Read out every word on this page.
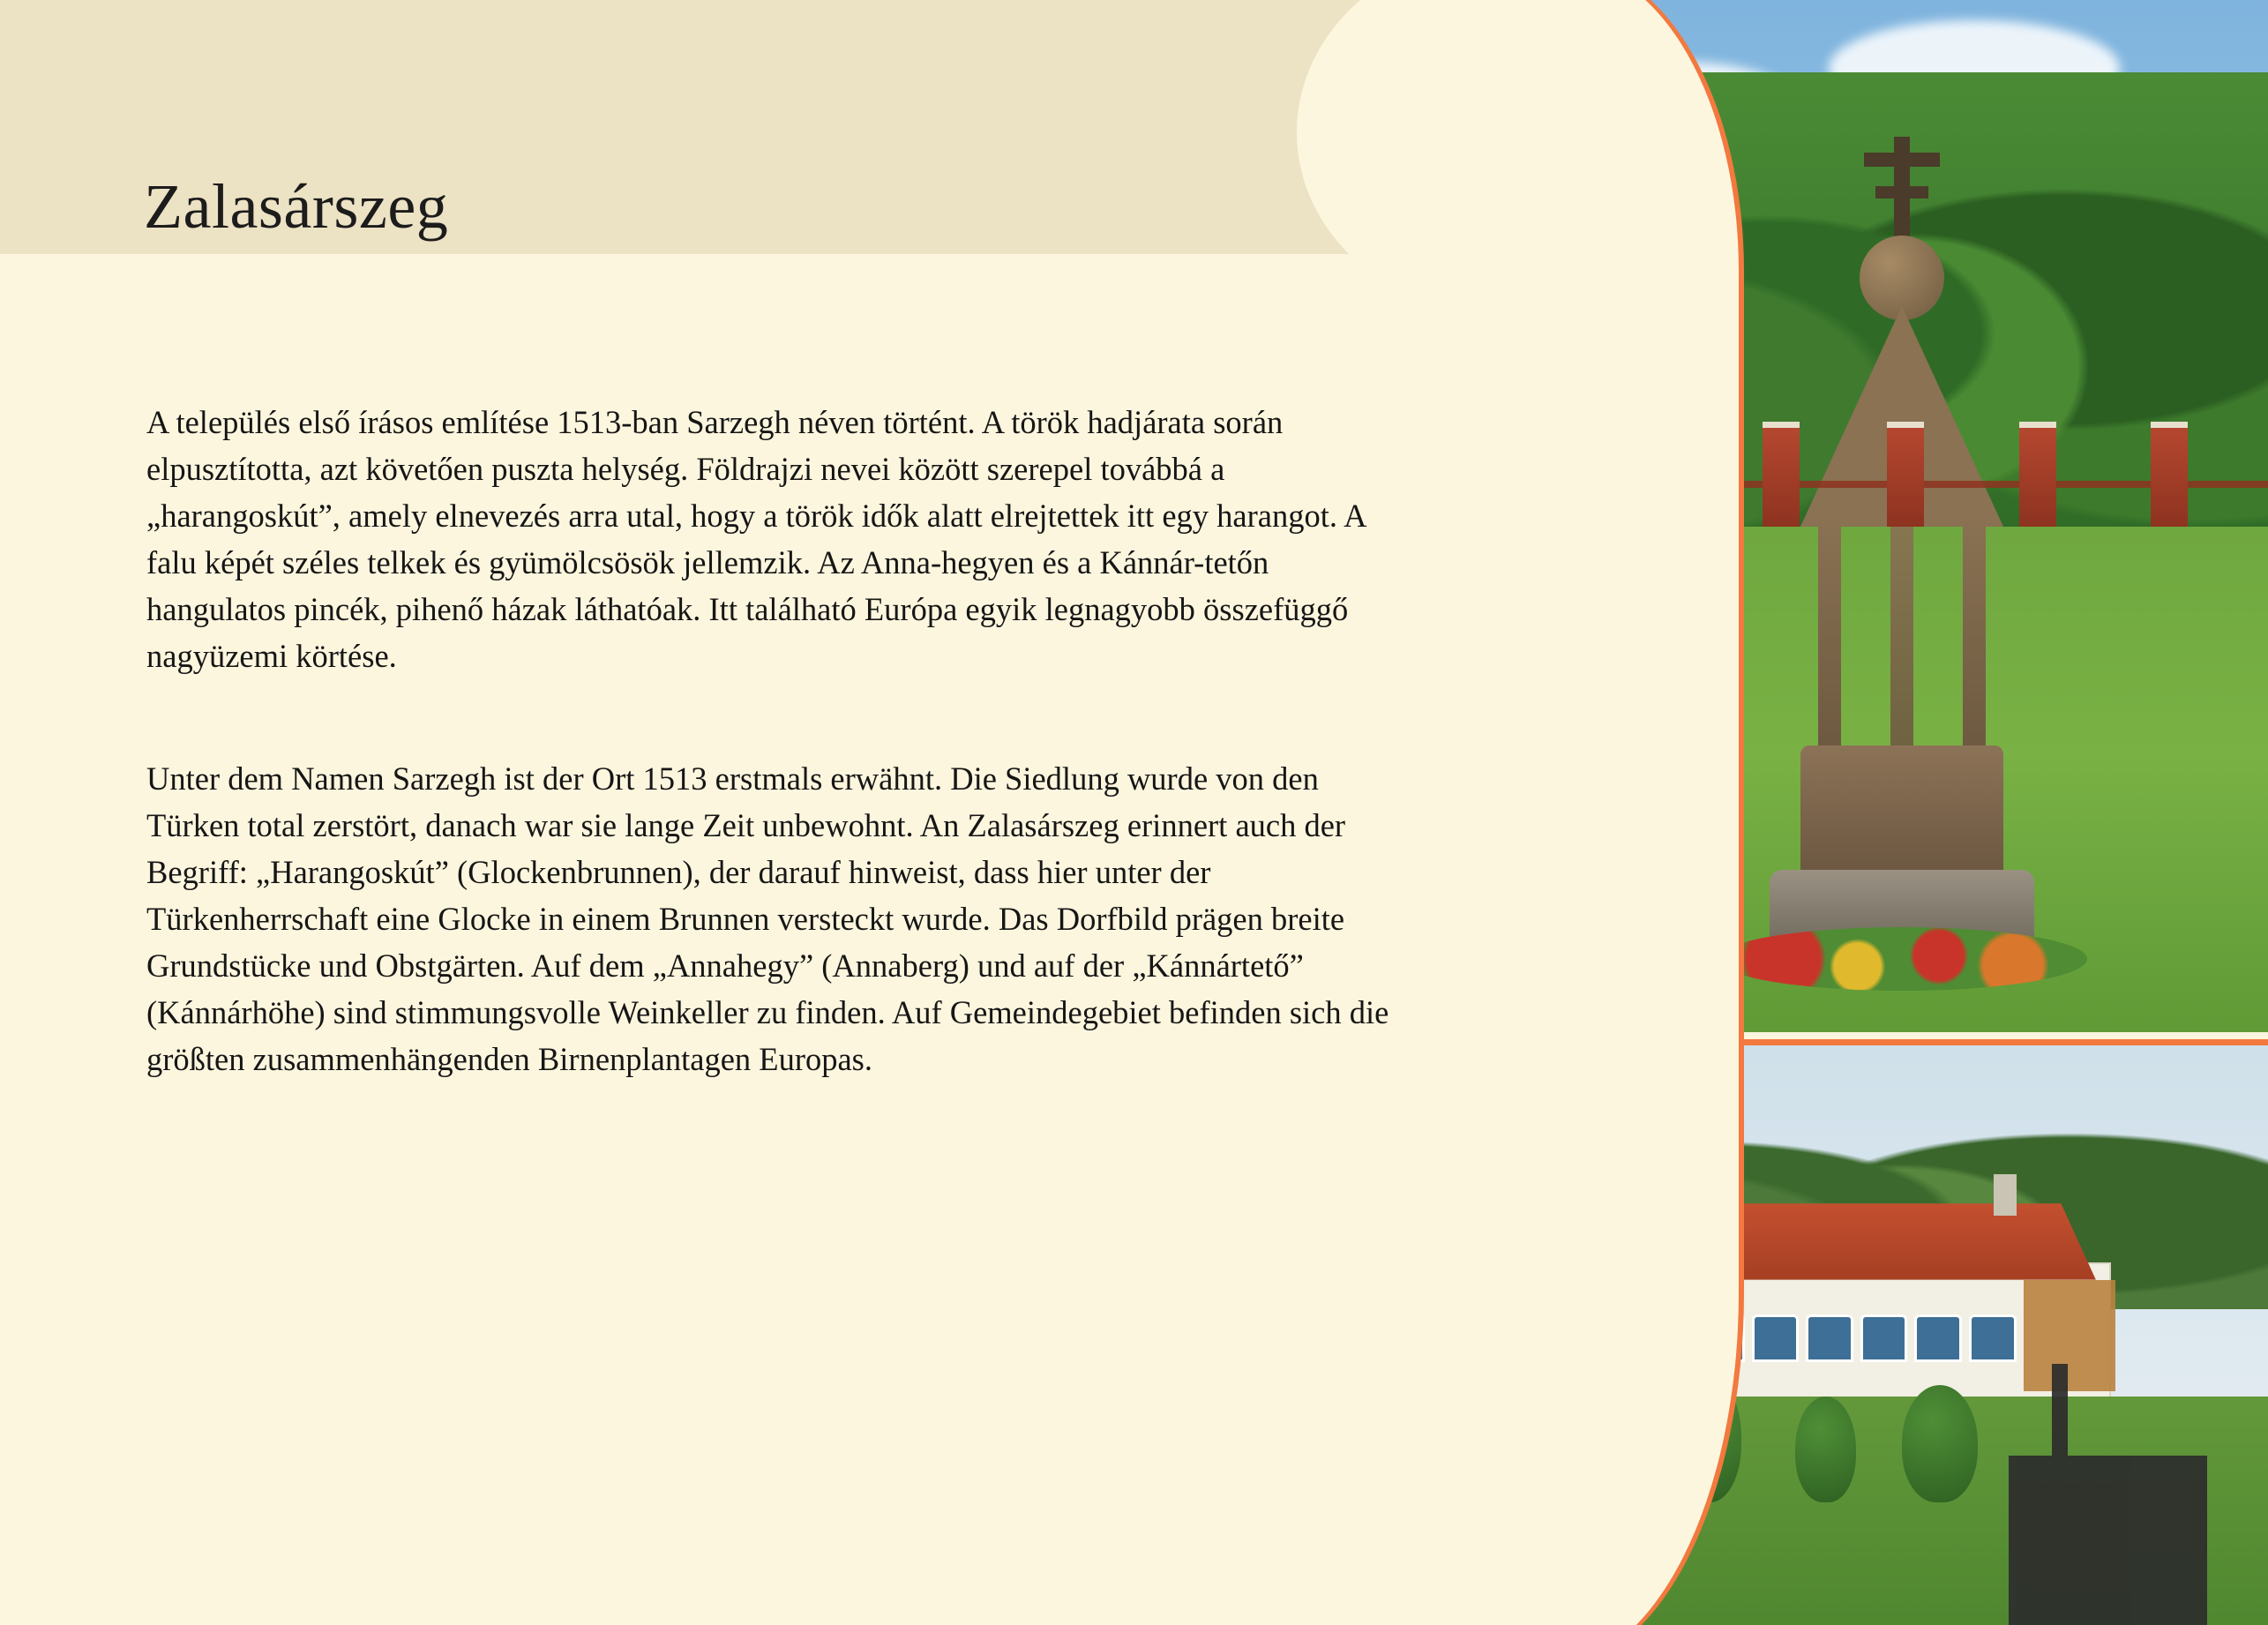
Zalasárszeg

A település első írásos említése 1513-ban Sarzegh néven történt. A török hadjárata során elpusztította, azt követően puszta helység. Földrajzi nevei között szerepel továbbá a „harangoskút”, amely elnevezés arra utal, hogy a török idők alatt elrejtettek itt egy harangot. A falu képét széles telkek és gyümölcsösök jellemzik. Az Anna-hegyen és a Kánnár-tetőn hangulatos pincék, pihenő házak láthatóak. Itt található Európa egyik legnagyobb összefüggő nagyüzemi körtése.

Unter dem Namen Sarzegh ist der Ort 1513 erstmals erwähnt. Die Siedlung wurde von den Türken total zerstört, danach war sie lange Zeit unbewohnt. An Zalasárszeg erinnert auch der Begriff: „Harangoskút” (Glockenbrunnen), der darauf hinweist, dass hier unter der Türkenherrschaft eine Glocke in einem Brunnen versteckt wurde. Das Dorfbild prägen breite Grundstücke und Obstgärten. Auf dem „Annahegy” (Annaberg) und auf der „Kánnártető” (Kánnárhöhe) sind stimmungsvolle Weinkeller zu finden. Auf Gemeindegebiet befinden sich die größten zusammenhängenden Birnenplantagen Europas.
